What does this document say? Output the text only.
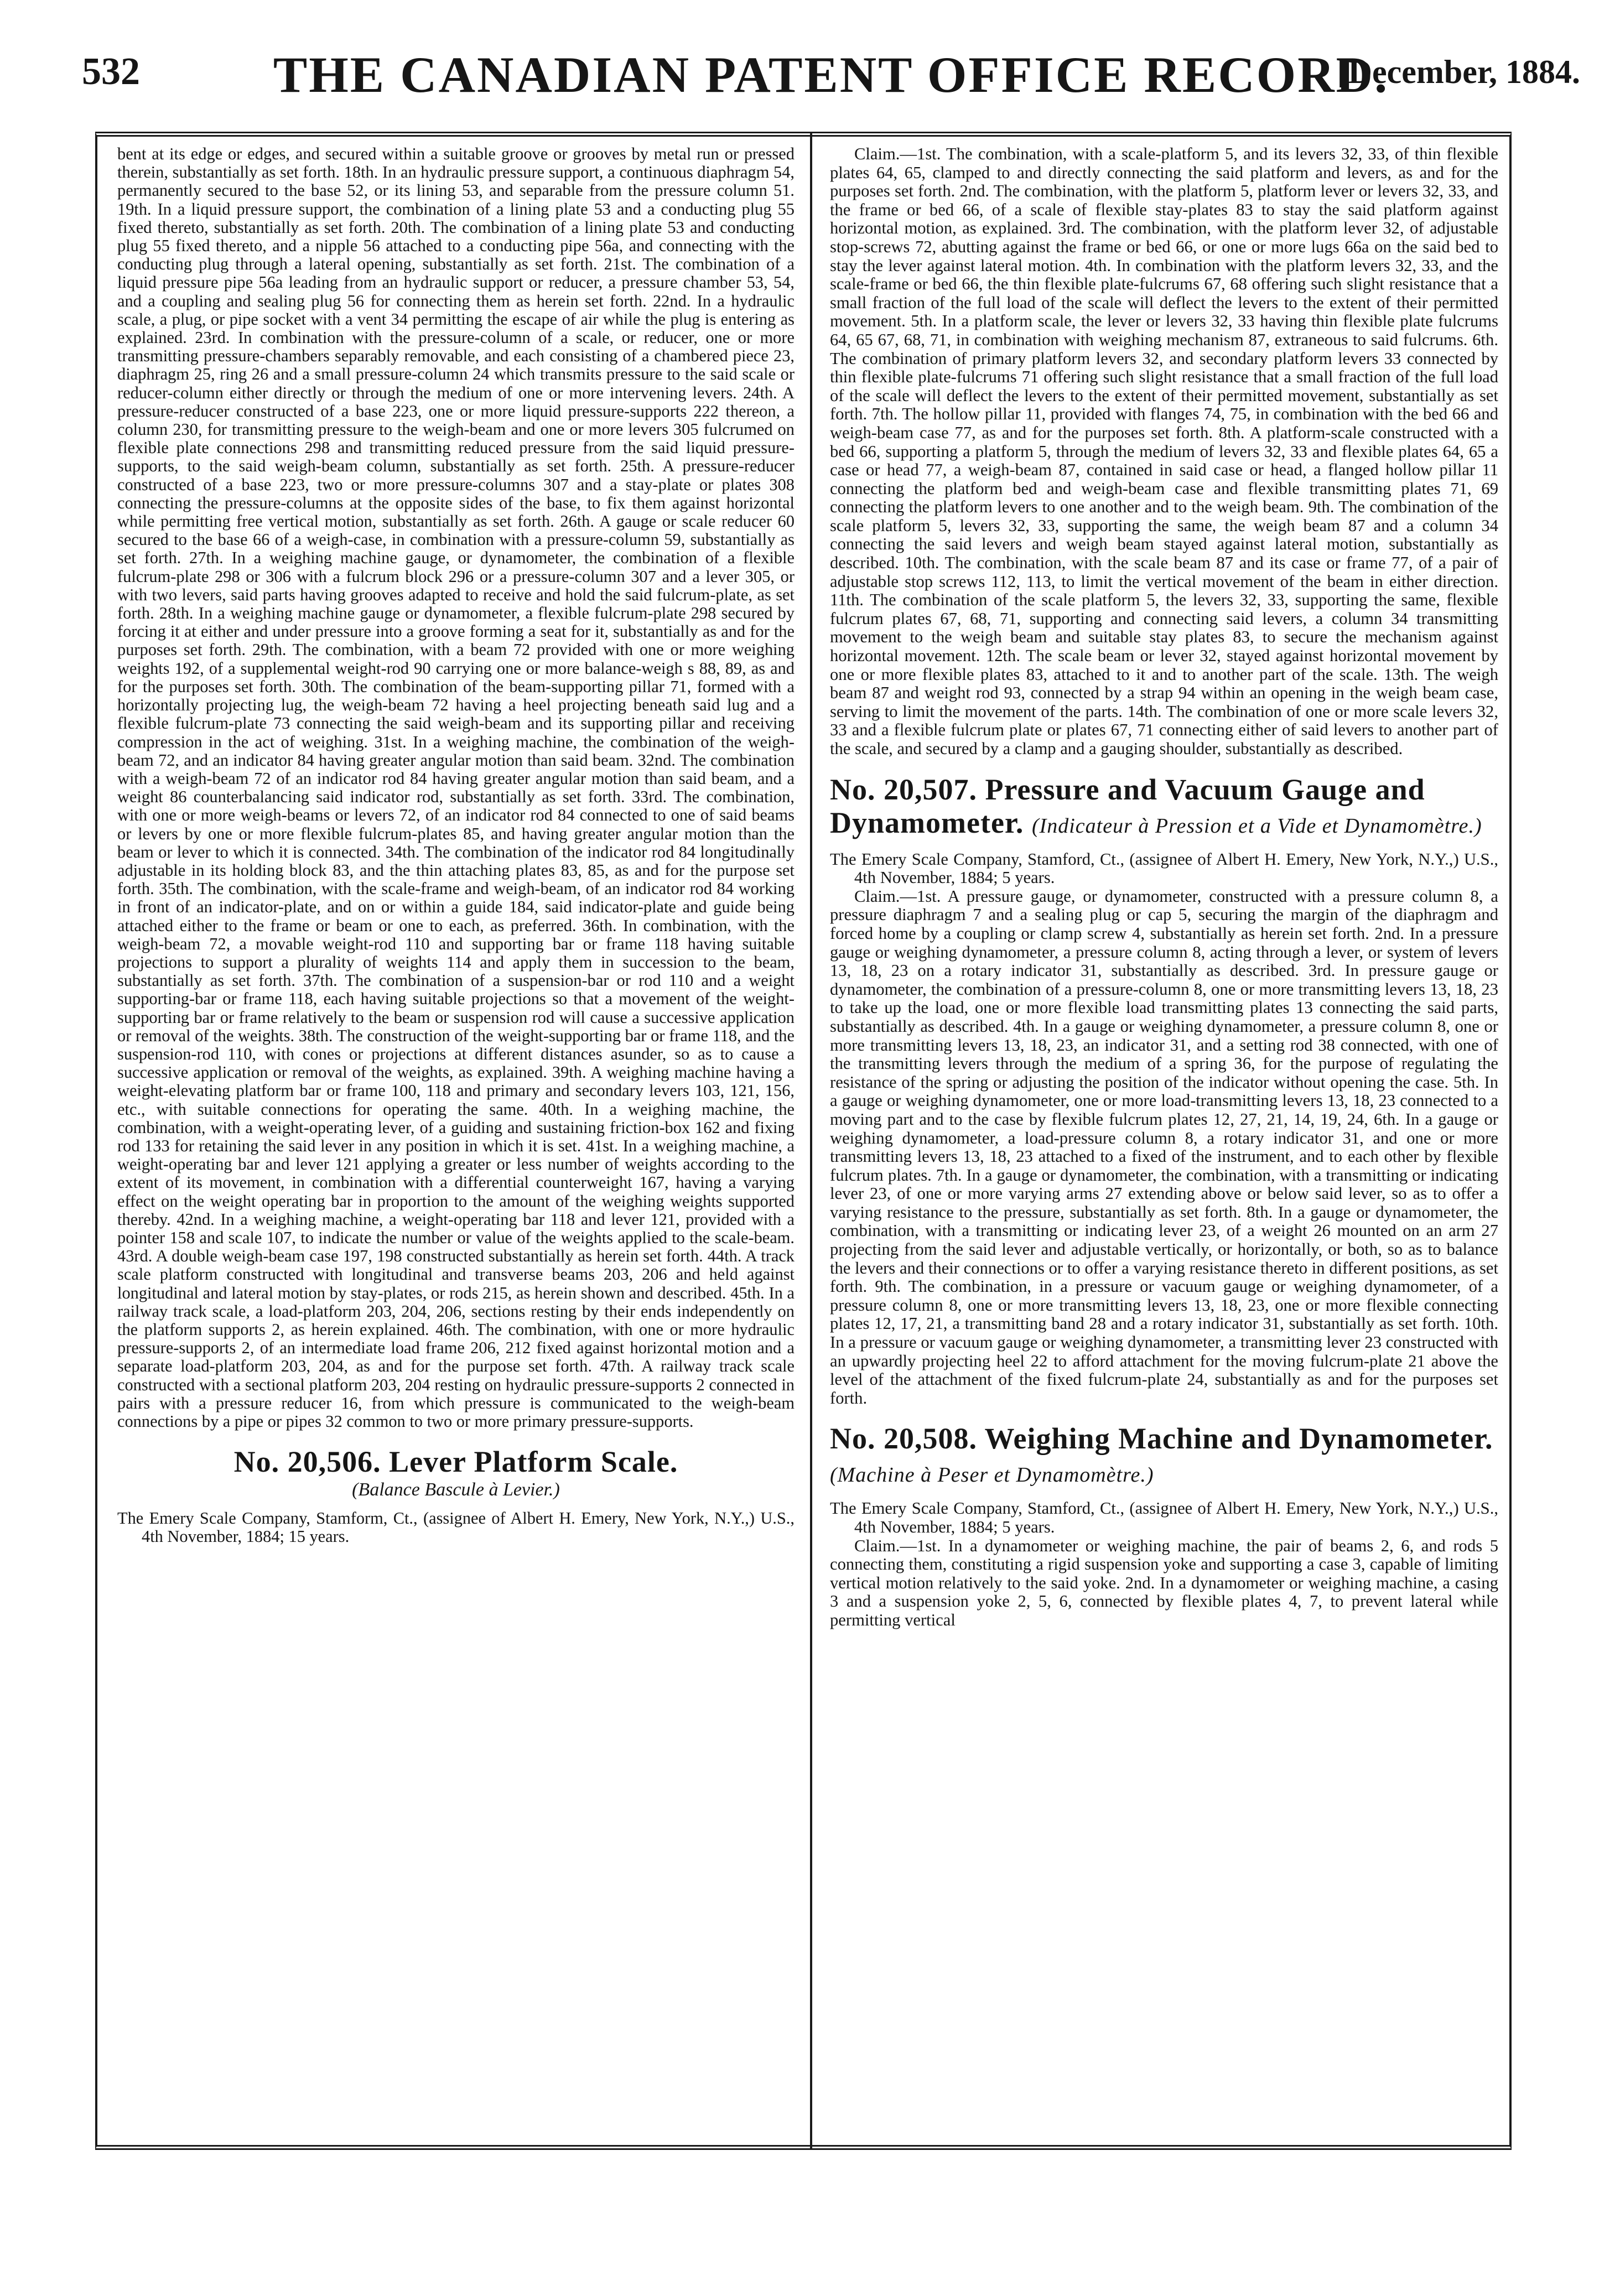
532	THE CANADIAN PATENT OFFICE RECORD.
[December, 1884.

bent at its edge or edges, and secured within a suitable groove or grooves by metal run or pressed therein, substantially as set forth. 18th. In an hydraulic pressure support, a continuous diaphragm 54, permanently secured to the base 52, or its lining 53, and separable from the pressure column 51. 19th. In a liquid pressure support, the combination of a lining plate 53 and a conducting plug 55 fixed thereto, substantially as set forth. 20th. The combination of a lining plate 53 and conducting plug 55 fixed thereto, and a nipple 56 attached to a conducting pipe 56a, and connecting with the conducting plug through a lateral opening, substantially as set forth. 21st. The combination of a liquid pressure pipe 56a leading from an hydraulic support or reducer, a pressure chamber 53, 54, and a coupling and sealing plug 56 for connecting them as herein set forth. 22nd. In a hydraulic scale, a plug, or pipe socket with a vent 34 permitting the escape of air while the plug is entering as explained. 23rd. In combination with the pressure-column of a scale, or reducer, one or more transmitting pressure-chambers separably removable, and each consisting of a chambered piece 23, diaphragm 25, ring 26 and a small pressure-column 24 which transmits pressure to the said scale or reducer-column either directly or through the medium of one or more intervening levers. 24th. A pressure-reducer constructed of a base 223, one or more liquid pressure-supports 222 thereon, a column 230, for transmitting pressure to the weigh-beam and one or more levers 305 fulcrumed on flexible plate connections 298 and transmitting reduced pressure from the said liquid pressure-supports, to the said weigh-beam column, substantially as set forth. 25th. A pressure-reducer constructed of a base 223, two or more pressure-columns 307 and a stay-plate or plates 308 connecting the pressure-columns at the opposite sides of the base, to fix them against horizontal while permitting free vertical motion, substantially as set forth. 26th. A gauge or scale reducer 60 secured to the base 66 of a weigh-case, in combination with a pressure-column 59, substantially as set forth. 27th. In a weighing machine gauge, or dynamometer, the combination of a flexible fulcrum-plate 298 or 306 with a fulcrum block 296 or a pressure-column 307 and a lever 305, or with two levers, said parts having grooves adapted to receive and hold the said fulcrum-plate, as set forth. 28th. In a weighing machine gauge or dynamometer, a flexible fulcrum-plate 298 secured by forcing it at either and under pressure into a groove forming a seat for it, substantially as and for the purposes set forth. 29th. The combination, with a beam 72 provided with one or more weighing weights 192, of a supplemental weight-rod 90 carrying one or more balance-weigh s 88, 89, as and for the purposes set forth. 30th. The combination of the beam-supporting pillar 71, formed with a horizontally projecting lug, the weigh-beam 72 having a heel projecting beneath said lug and a flexible fulcrum-plate 73 connecting the said weigh-beam and its supporting pillar and receiving compression in the act of weighing. 31st. In a weighing machine, the combination of the weigh-beam 72, and an indicator 84 having greater angular motion than said beam. 32nd. The combination with a weigh-beam 72 of an indicator rod 84 having greater angular motion than said beam, and a weight 86 counterbalancing said indicator rod, substantially as set forth. 33rd. The combination, with one or more weigh-beams or levers 72, of an indicator rod 84 connected to one of said beams or levers by one or more flexible fulcrum-plates 85, and having greater angular motion than the beam or lever to which it is connected. 34th. The combination of the indicator rod 84 longitudinally adjustable in its holding block 83, and the thin attaching plates 83, 85, as and for the purpose set forth. 35th. The combination, with the scale-frame and weigh-beam, of an indicator rod 84 working in front of an indicator-plate, and on or within a guide 184, said indicator-plate and guide being attached either to the frame or beam or one to each, as preferred. 36th. In combination, with the weigh-beam 72, a movable weight-rod 110 and supporting bar or frame 118 having suitable projections to support a plurality of weights 114 and apply them in succession to the beam, substantially as set forth. 37th. The combination of a suspension-bar or rod 110 and a weight supporting-bar or frame 118, each having suitable projections so that a movement of the weight-supporting bar or frame relatively to the beam or suspension rod will cause a successive application or removal of the weights. 38th. The construction of the weight-supporting bar or frame 118, and the suspension-rod 110, with cones or projections at different distances asunder, so as to cause a successive application or removal of the weights, as explained. 39th. A weighing machine having a weight-elevating platform bar or frame 100, 118 and primary and secondary levers 103, 121, 156, etc., with suitable connections for operating the same. 40th. In a weighing machine, the combination, with a weight-operating lever, of a guiding and sustaining friction-box 162 and fixing rod 133 for retaining the said lever in any position in which it is set. 41st. In a weighing machine, a weight-operating bar and lever 121 applying a greater or less number of weights according to the extent of its movement, in combination with a differential counterweight 167, having a varying effect on the weight operating bar in proportion to the amount of the weighing weights supported thereby. 42nd. In a weighing machine, a weight-operating bar 118 and lever 121, provided with a pointer 158 and scale 107, to indicate the number or value of the weights applied to the scale-beam. 43rd. A double weigh-beam case 197, 198 constructed substantially as herein set forth. 44th. A track scale platform constructed with longitudinal and transverse beams 203, 206 and held against longitudinal and lateral motion by stay-plates, or rods 215, as herein shown and described. 45th. In a railway track scale, a load-platform 203, 204, 206, sections resting by their ends independently on the platform supports 2, as herein explained. 46th. The combination, with one or more hydraulic pressure-supports 2, of an intermediate load frame 206, 212 fixed against horizontal motion and a separate load-platform 203, 204, as and for the purpose set forth. 47th. A railway track scale constructed with a sectional platform 203, 204 resting on hydraulic pressure-supports 2 connected in pairs with a pressure reducer 16, from which pressure is communicated to the weigh-beam connections by a pipe or pipes 32 common to two or more primary pressure-supports.

No. 20,506. Lever Platform Scale.

(Balance Bascule à Levier.)

The Emery Scale Company, Stamform, Ct., (assignee of Albert H. Emery, New York, N.Y.,) U.S., 4th November, 1884; 15 years.

Claim.—1st. The combination, with a scale-platform 5, and its levers 32, 33, of thin flexible plates 64, 65, clamped to and directly connecting the said platform and levers, as and for the purposes set forth. 2nd. The combination, with the platform 5, platform lever or levers 32, 33, and the frame or bed 66, of a scale of flexible stay-plates 83 to stay the said platform against horizontal motion, as explained. 3rd. The combination, with the platform lever 32, of adjustable stop-screws 72, abutting against the frame or bed 66, or one or more lugs 66a on the said bed to stay the lever against lateral motion. 4th. In combination with the platform levers 32, 33, and the scale-frame or bed 66, the thin flexible plate-fulcrums 67, 68 offering such slight resistance that a small fraction of the full load of the scale will deflect the levers to the extent of their permitted movement. 5th. In a platform scale, the lever or levers 32, 33 having thin flexible plate fulcrums 64, 65 67, 68, 71, in combination with weighing mechanism 87, extraneous to said fulcrums. 6th. The combination of primary platform levers 32, and secondary platform levers 33 connected by thin flexible plate-fulcrums 71 offering such slight resistance that a small fraction of the full load of the scale will deflect the levers to the extent of their permitted movement, substantially as set forth. 7th. The hollow pillar 11, provided with flanges 74, 75, in combination with the bed 66 and weigh-beam case 77, as and for the purposes set forth. 8th. A platform-scale constructed with a bed 66, supporting a platform 5, through the medium of levers 32, 33 and flexible plates 64, 65 a case or head 77, a weigh-beam 87, contained in said case or head, a flanged hollow pillar 11 connecting the platform bed and weigh-beam case and flexible transmitting plates 71, 69 connecting the platform levers to one another and to the weigh beam. 9th. The combination of the scale platform 5, levers 32, 33, supporting the same, the weigh beam 87 and a column 34 connecting the said levers and weigh beam stayed against lateral motion, substantially as described. 10th. The combination, with the scale beam 87 and its case or frame 77, of a pair of adjustable stop screws 112, 113, to limit the vertical movement of the beam in either direction. 11th. The combination of the scale platform 5, the levers 32, 33, supporting the same, flexible fulcrum plates 67, 68, 71, supporting and connecting said levers, a column 34 transmitting movement to the weigh beam and suitable stay plates 83, to secure the mechanism against horizontal movement. 12th. The scale beam or lever 32, stayed against horizontal movement by one or more flexible plates 83, attached to it and to another part of the scale. 13th. The weigh beam 87 and weight rod 93, connected by a strap 94 within an opening in the weigh beam case, serving to limit the movement of the parts. 14th. The combination of one or more scale levers 32, 33 and a flexible fulcrum plate or plates 67, 71 connecting either of said levers to another part of the scale, and secured by a clamp and a gauging shoulder, substantially as described.

No. 20,507. Pressure and Vacuum Gauge and Dynamometer. (Indicateur à Pression et a Vide et Dynamomètre.)

The Emery Scale Company, Stamford, Ct., (assignee of Albert H. Emery, New York, N.Y.,) U.S., 4th November, 1884; 5 years.

Claim.—1st. A pressure gauge, or dynamometer, constructed with a pressure column 8, a pressure diaphragm 7 and a sealing plug or cap 5, securing the margin of the diaphragm and forced home by a coupling or clamp screw 4, substantially as herein set forth. 2nd. In a pressure gauge or weighing dynamometer, a pressure column 8, acting through a lever, or system of levers 13, 18, 23 on a rotary indicator 31, substantially as described. 3rd. In pressure gauge or dynamometer, the combination of a pressure-column 8, one or more transmitting levers 13, 18, 23 to take up the load, one or more flexible load transmitting plates 13 connecting the said parts, substantially as described. 4th. In a gauge or weighing dynamometer, a pressure column 8, one or more transmitting levers 13, 18, 23, an indicator 31, and a setting rod 38 connected, with one of the transmitting levers through the medium of a spring 36, for the purpose of regulating the resistance of the spring or adjusting the position of the indicator without opening the case. 5th. In a gauge or weighing dynamometer, one or more load-transmitting levers 13, 18, 23 connected to a moving part and to the case by flexible fulcrum plates 12, 27, 21, 14, 19, 24, 6th. In a gauge or weighing dynamometer, a load-pressure column 8, a rotary indicator 31, and one or more transmitting levers 13, 18, 23 attached to a fixed of the instrument, and to each other by flexible fulcrum plates. 7th. In a gauge or dynamometer, the combination, with a transmitting or indicating lever 23, of one or more varying arms 27 extending above or below said lever, so as to offer a varying resistance to the pressure, substantially as set forth. 8th. In a gauge or dynamometer, the combination, with a transmitting or indicating lever 23, of a weight 26 mounted on an arm 27 projecting from the said lever and adjustable vertically, or horizontally, or both, so as to balance the levers and their connections or to offer a varying resistance thereto in different positions, as set forth. 9th. The combination, in a pressure or vacuum gauge or weighing dynamometer, of a pressure column 8, one or more transmitting levers 13, 18, 23, one or more flexible connecting plates 12, 17, 21, a transmitting band 28 and a rotary indicator 31, substantially as set forth. 10th. In a pressure or vacuum gauge or weighing dynamometer, a transmitting lever 23 constructed with an upwardly projecting heel 22 to afford attachment for the moving fulcrum-plate 21 above the level of the attachment of the fixed fulcrum-plate 24, substantially as and for the purposes set forth.

No. 20,508. Weighing Machine and Dynamometer. (Machine à Peser et Dynamomètre.)

The Emery Scale Company, Stamford, Ct., (assignee of Albert H. Emery, New York, N.Y.,) U.S., 4th November, 1884; 5 years.

Claim.—1st. In a dynamometer or weighing machine, the pair of beams 2, 6, and rods 5 connecting them, constituting a rigid suspension yoke and supporting a case 3, capable of limiting vertical motion relatively to the said yoke. 2nd. In a dynamometer or weighing machine, a casing 3 and a suspension yoke 2, 5, 6, connected by flexible plates 4, 7, to prevent lateral while permitting vertical
